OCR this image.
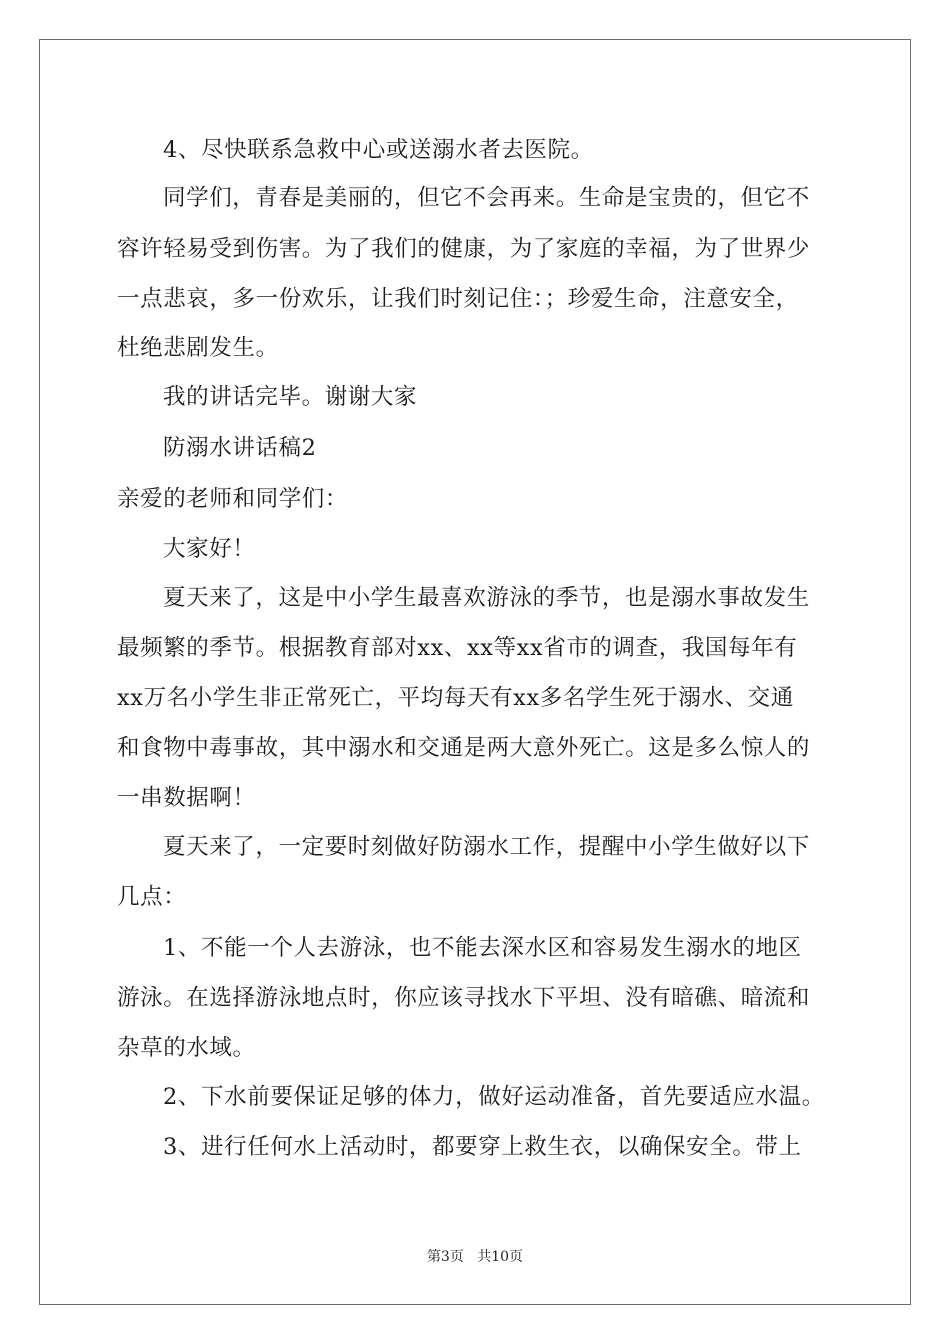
4、尽快联系急救中心或送溺水者去医院。

同学们，青春是美丽的，但它不会再来。生命是宝贵的，但它不

容许轻易受到伤害。为了我们的健康，为了家庭的幸福，为了世界少

一点悲哀，多一份欢乐，让我们时刻记住：；珍爱生命，注意安全，

杜绝悲剧发生。

我的讲话完毕。谢谢大家

防溺水讲话稿2

亲爱的老师和同学们：

大家好！

夏天来了，这是中小学生最喜欢游泳的季节，也是溺水事故发生

最频繁的季节。根据教育部对xx、xx等xx省市的调查，我国每年有

xx万名小学生非正常死亡，平均每天有xx多名学生死于溺水、交通

和食物中毒事故，其中溺水和交通是两大意外死亡。这是多么惊人的

一串数据啊！

夏天来了，一定要时刻做好防溺水工作，提醒中小学生做好以下

几点：

1、不能一个人去游泳，也不能去深水区和容易发生溺水的地区

游泳。在选择游泳地点时，你应该寻找水下平坦、没有暗礁、暗流和

杂草的水域。

2、下水前要保证足够的体力，做好运动准备，首先要适应水温。

3、进行任何水上活动时，都要穿上救生衣，以确保安全。带上

第3页 共10页
